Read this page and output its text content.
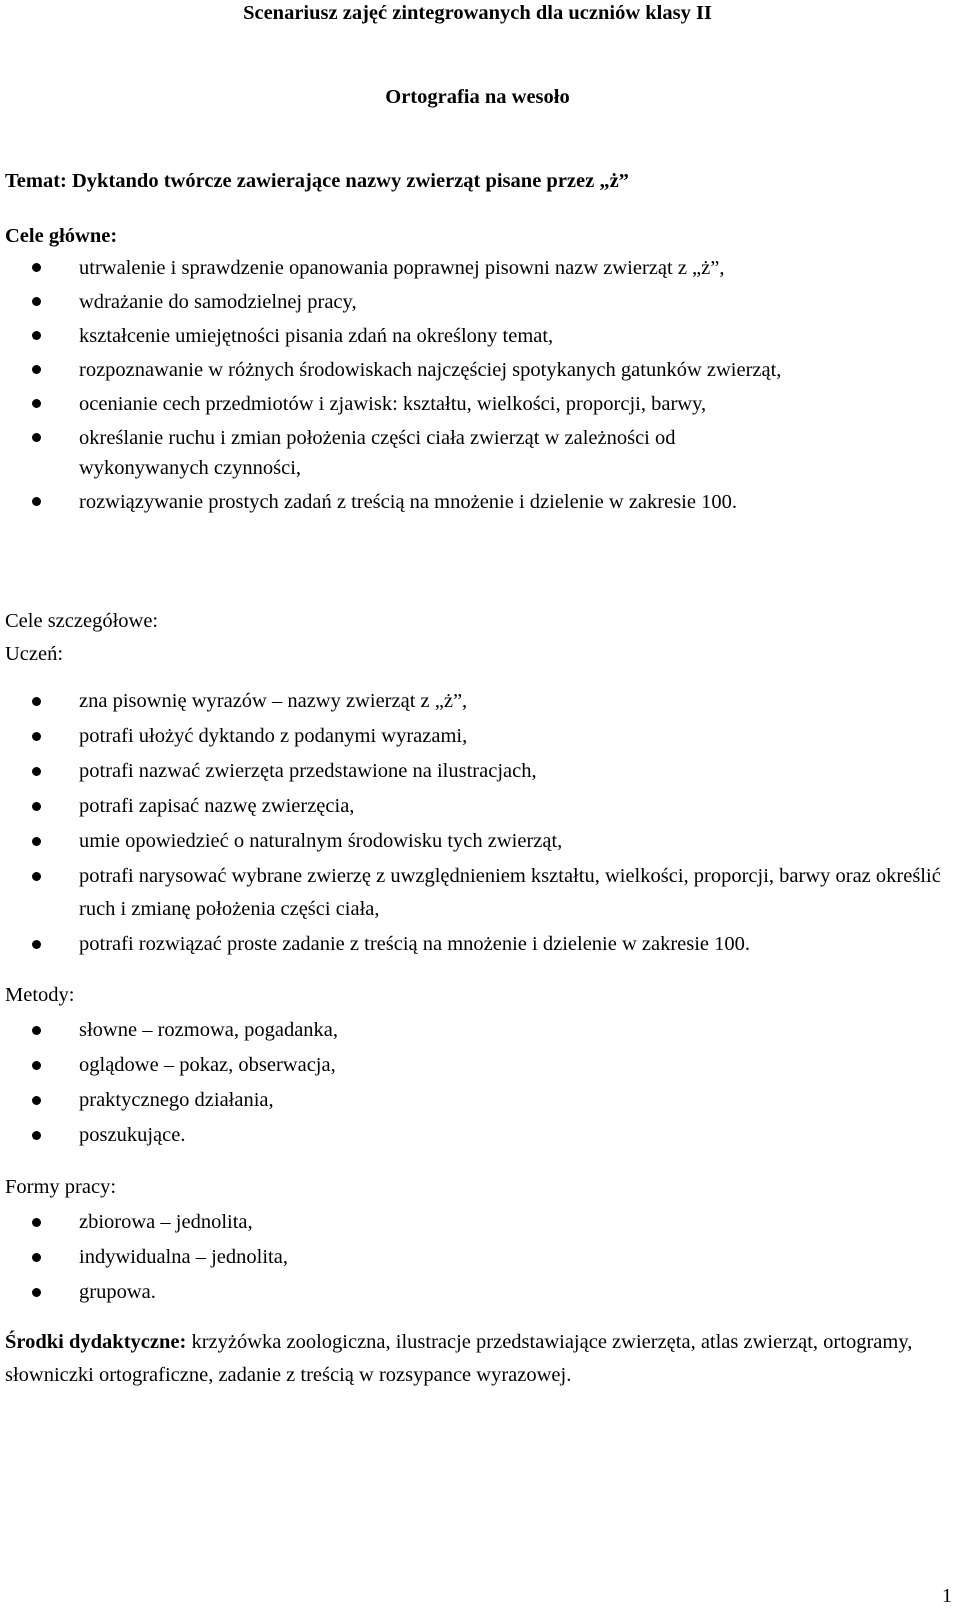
Scenariusz zajęć zintegrowanych dla uczniów klasy II
Ortografia na wesoło
Temat: Dyktando twórcze zawierające nazwy zwierząt pisane przez „ż”
Cele główne:
utrwalenie i sprawdzenie opanowania poprawnej pisowni nazw zwierząt z „ż”,
wdrażanie do samodzielnej pracy,
kształcenie umiejętności pisania zdań na określony temat,
rozpoznawanie w różnych środowiskach najczęściej spotykanych gatunków zwierząt,
ocenianie cech przedmiotów i zjawisk: kształtu, wielkości, proporcji, barwy,
określanie ruchu i zmian położenia części ciała zwierząt w zależności od wykonywanych czynności,
rozwiązywanie prostych zadań z treścią na mnożenie i dzielenie w zakresie 100.
Cele szczegółowe:
Uczeń:
zna pisownię wyrazów – nazwy zwierząt z „ż”,
potrafi ułożyć dyktando z podanymi wyrazami,
potrafi nazwać zwierzęta przedstawione na ilustracjach,
potrafi zapisać nazwę zwierzęcia,
umie opowiedzieć o naturalnym środowisku tych zwierząt,
potrafi narysować wybrane zwierzę z uwzględnieniem kształtu, wielkości, proporcji, barwy oraz określić ruch i zmianę położenia części ciała,
potrafi rozwiązać proste zadanie z treścią na mnożenie i dzielenie w zakresie 100.
Metody:
słowne – rozmowa, pogadanka,
oglądowe – pokaz, obserwacja,
praktycznego działania,
poszukujące.
Formy pracy:
zbiorowa – jednolita,
indywidualna – jednolita,
grupowa.
Środki dydaktyczne: krzyżówka zoologiczna, ilustracje przedstawiające zwierzęta, atlas zwierząt, ortogramy, słowniczki ortograficzne, zadanie z treścią w rozsypance wyrazowej.
1
